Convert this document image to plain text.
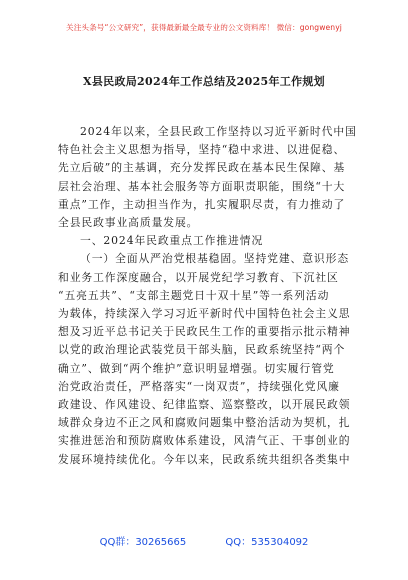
关注头条号“公文研究”，获得最新最全最专业的公文资料库！ 微信：gongwenyj
X县民政局2024年工作总结及2025年工作规划
2024年以来，全县民政工作坚持以习近平新时代中国
特色社会主义思想为指导，坚持“稳中求进、以进促稳、
先立后破”的主基调，充分发挥民政在基本民生保障、基
层社会治理、基本社会服务等方面职责职能，围绕“十大
重点”工作，主动担当作为，扎实履职尽责，有力推动了
全县民政事业高质量发展。
一、2024年民政重点工作推进情况
（一）全面从严治党根基稳固。坚持党建、意识形态
和业务工作深度融合，以开展党纪学习教育、下沉社区
“五亮五共”、“支部主题党日十双十星”等一系列活动
为载体，持续深入学习习近平新时代中国特色社会主义思
想及习近平总书记关于民政民生工作的重要指示批示精神
以党的政治理论武装党员干部头脑，民政系统坚持“两个
确立”、做到“两个维护”意识明显增强。切实履行管党
治党政治责任，严格落实“一岗双责”，持续强化党风廉
政建设、作风建设、纪律监察、巡察整改，以开展民政领
域群众身边不正之风和腐败问题集中整治活动为契机，扎
实推进惩治和预防腐败体系建设，风清气正、干事创业的
发展环境持续优化。今年以来，民政系统共组织各类集中
QQ群：30265665	QQ：535304092
